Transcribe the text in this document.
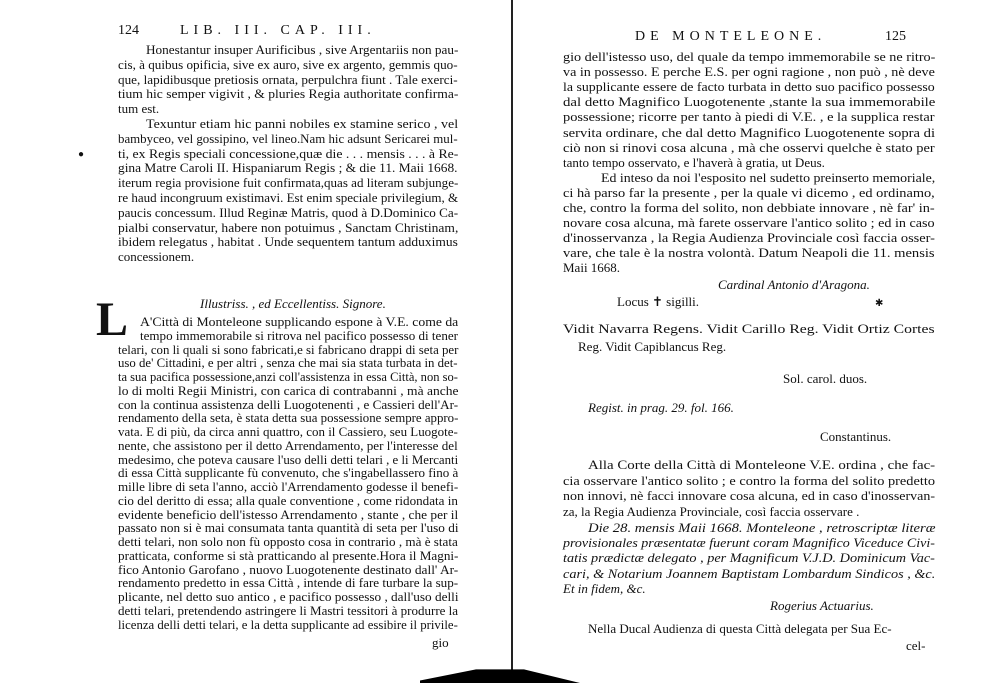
124	LIB. III. CAP. III.
L
●
Honestantur insuper Aurificibus , sive Argentariis non pau-
cis, à quibus opificia, sive ex auro, sive ex argento, gemmis quo-
que, lapidibusque pretiosis ornata, perpulchra fiunt . Tale exerci-
tium hic semper vigivit , & pluries Regia authoritate confirma-
tum est.
Texuntur etiam hic panni nobiles ex stamine serico , vel
bambyceo, vel gossipino, vel lineo.Nam hic adsunt Sericarei mul-
ti, ex Regis speciali concessione,quæ die . . . mensis . . . à Re-
gina Matre Caroli II. Hispaniarum Regis ; & die 11. Maii 1668.
iterum regia provisione fuit confirmata,quas ad literam subjunge-
re haud incongruum existimavi. Est enim speciale privilegium, &
paucis concessum. Illud Reginæ Matris, quod à D.Dominico Ca-
pialbi conservatur, habere non potuimus , Sanctam Christinam,
ibidem relegatus , habitat . Unde sequentem tantum adduximus
concessionem.
Illustriss. , ed Eccellentiss. Signore.
A'Città di Monteleone supplicando espone à V.E. come da
tempo immemorabile si ritrova nel pacifico possesso di tener
telari, con li quali si sono fabricati,e si fabricano drappi di seta per
uso de' Cittadini, e per altri , senza che mai sia stata turbata in det-
ta sua pacifica possessione,anzi coll'assistenza in essa Città, non so-
lo di molti Regii Ministri, con carica di contrabanni , mà anche
con la continua assistenza delli Luogotenenti , e Cassieri dell'Ar-
rendamento della seta, è stata detta sua possessione sempre appro-
vata. E di più, da circa anni quattro, con il Cassiero, seu Luogote-
nente, che assistono per il detto Arrendamento, per l'interesse del
medesimo, che poteva causare l'uso delli detti telari , e li Mercanti
di essa Città supplicante fù convenuto, che s'ingabellassero fino à
mille libre di seta l'anno, acciò l'Arrendamento godesse il benefi-
cio del deritto di essa; alla quale conventione , come ridondata in
evidente beneficio dell'istesso Arrendamento , stante , che per il
passato non si è mai consumata tanta quantità di seta per l'uso di
detti telari, non solo non fù opposto cosa in contrario , mà è stata
pratticata, conforme si stà pratticando al presente.Hora il Magni-
fico Antonio Garofano , nuovo Luogotenente destinato dall' Ar-
rendamento predetto in essa Città , intende di fare turbare la sup-
plicante, nel detto suo antico , e pacifico possesso , dall'uso delli
detti telari, pretendendo astringere li Mastri tessitori à produrre la
licenza delli detti telari, e la detta supplicante ad essibire il privile-
gio
DE MONTELEONE.	125
✱
gio dell'istesso uso, del quale da tempo immemorabile se ne ritro-
va in possesso. E perche E.S. per ogni ragione , non può , nè deve
la supplicante essere de facto turbata in detto suo pacifico possesso
dal detto Magnifico Luogotenente ,stante la sua immemorabile
possessione; ricorre per tanto à piedi di V.E. , e la supplica restar
servita ordinare, che dal detto Magnifico Luogotenente sopra di
ciò non si rinovi cosa alcuna , mà che osservi quelche è stato per
tanto tempo osservato, e l'haverà à gratia, ut Deus.
Ed inteso da noi l'esposito nel sudetto preinserto memoriale,
ci hà parso far la presente , per la quale vi dicemo , ed ordinamo,
che, contro la forma del solito, non debbiate innovare , nè far' in-
novare cosa alcuna, mà farete osservare l'antico solito ; ed in caso
d'inosservanza , la Regia Audienza Provinciale così faccia osser-
vare, che tale è la nostra volontà. Datum Neapoli die 11. mensis
Maii 1668.
Cardinal Antonio d'Aragona.
Locus ✝ sigilli.
Vidit Navarra Regens. Vidit Carillo Reg. Vidit Ortiz Cortes
Reg. Vidit Capiblancus Reg.
Sol. carol. duos.
Regist. in prag. 29. fol. 166.
Constantinus.
Alla Corte della Città di Monteleone V.E. ordina , che fac-
cia osservare l'antico solito ; e contro la forma del solito predetto
non innovi, nè facci innovare cosa alcuna, ed in caso d'inosservan-
za, la Regia Audienza Provinciale, così faccia osservare .
Die 28. mensis Maii 1668. Monteleone , retroscriptæ literæ
provisionales præsentatæ fuerunt coram Magnifico Viceduce Civi-
tatis prædictæ delegato , per Magnificum V.J.D. Dominicum Vac-
cari, & Notarium Joannem Baptistam Lombardum Sindicos , &c.
Et in fidem, &c.
Rogerius Actuarius.
Nella Ducal Audienza di questa Città delegata per Sua Ec-
cel-
